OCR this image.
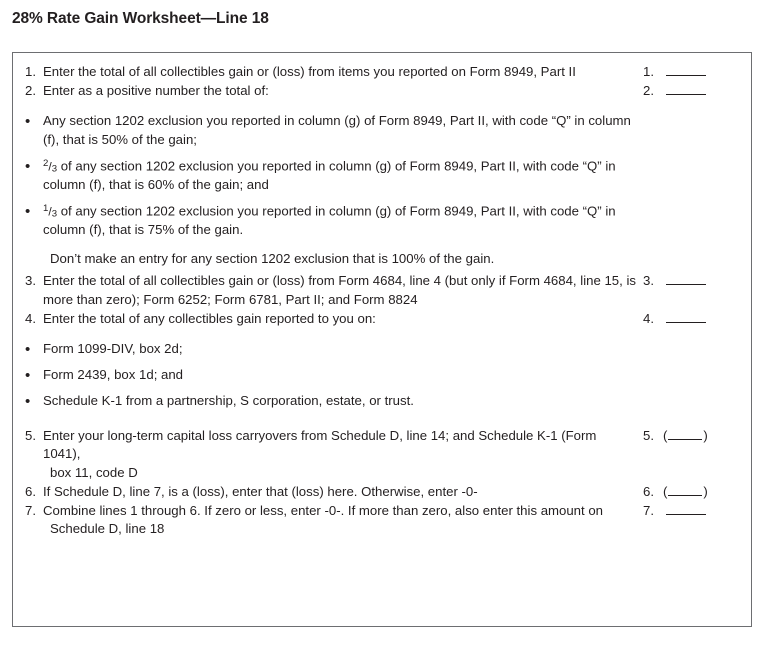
28% Rate Gain Worksheet—Line 18
1. Enter the total of all collectibles gain or (loss) from items you reported on Form 8949, Part II	1.
2. Enter as a positive number the total of:	2.
• Any section 1202 exclusion you reported in column (g) of Form 8949, Part II, with code “Q” in column (f), that is 50% of the gain;
• $^2/_3$ of any section 1202 exclusion you reported in column (g) of Form 8949, Part II, with code “Q” in column (f), that is 60% of the gain; and
• $^1/_3$ of any section 1202 exclusion you reported in column (g) of Form 8949, Part II, with code “Q” in column (f), that is 75% of the gain.
Don’t make an entry for any section 1202 exclusion that is 100% of the gain.
3. Enter the total of all collectibles gain or (loss) from Form 4684, line 4 (but only if Form 4684, line 15, is more than zero); Form 6252; Form 6781, Part II; and Form 8824
3.
4. Enter the total of any collectibles gain reported to you on:	4.
• Form 1099-DIV, box 2d;
• Form 2439, box 1d; and
• Schedule K-1 from a partnership, S corporation, estate, or trust.
5. Enter your long-term capital loss carryovers from Schedule D, line 14; and Schedule K-1 (Form 1041),
5. (	)
box 11, code D
6. If Schedule D, line 7, is a (loss), enter that (loss) here. Otherwise, enter -0-	6. (	)
7. Combine lines 1 through 6. If zero or less, enter -0-. If more than zero, also enter this amount on	7.
Schedule D, line 18
